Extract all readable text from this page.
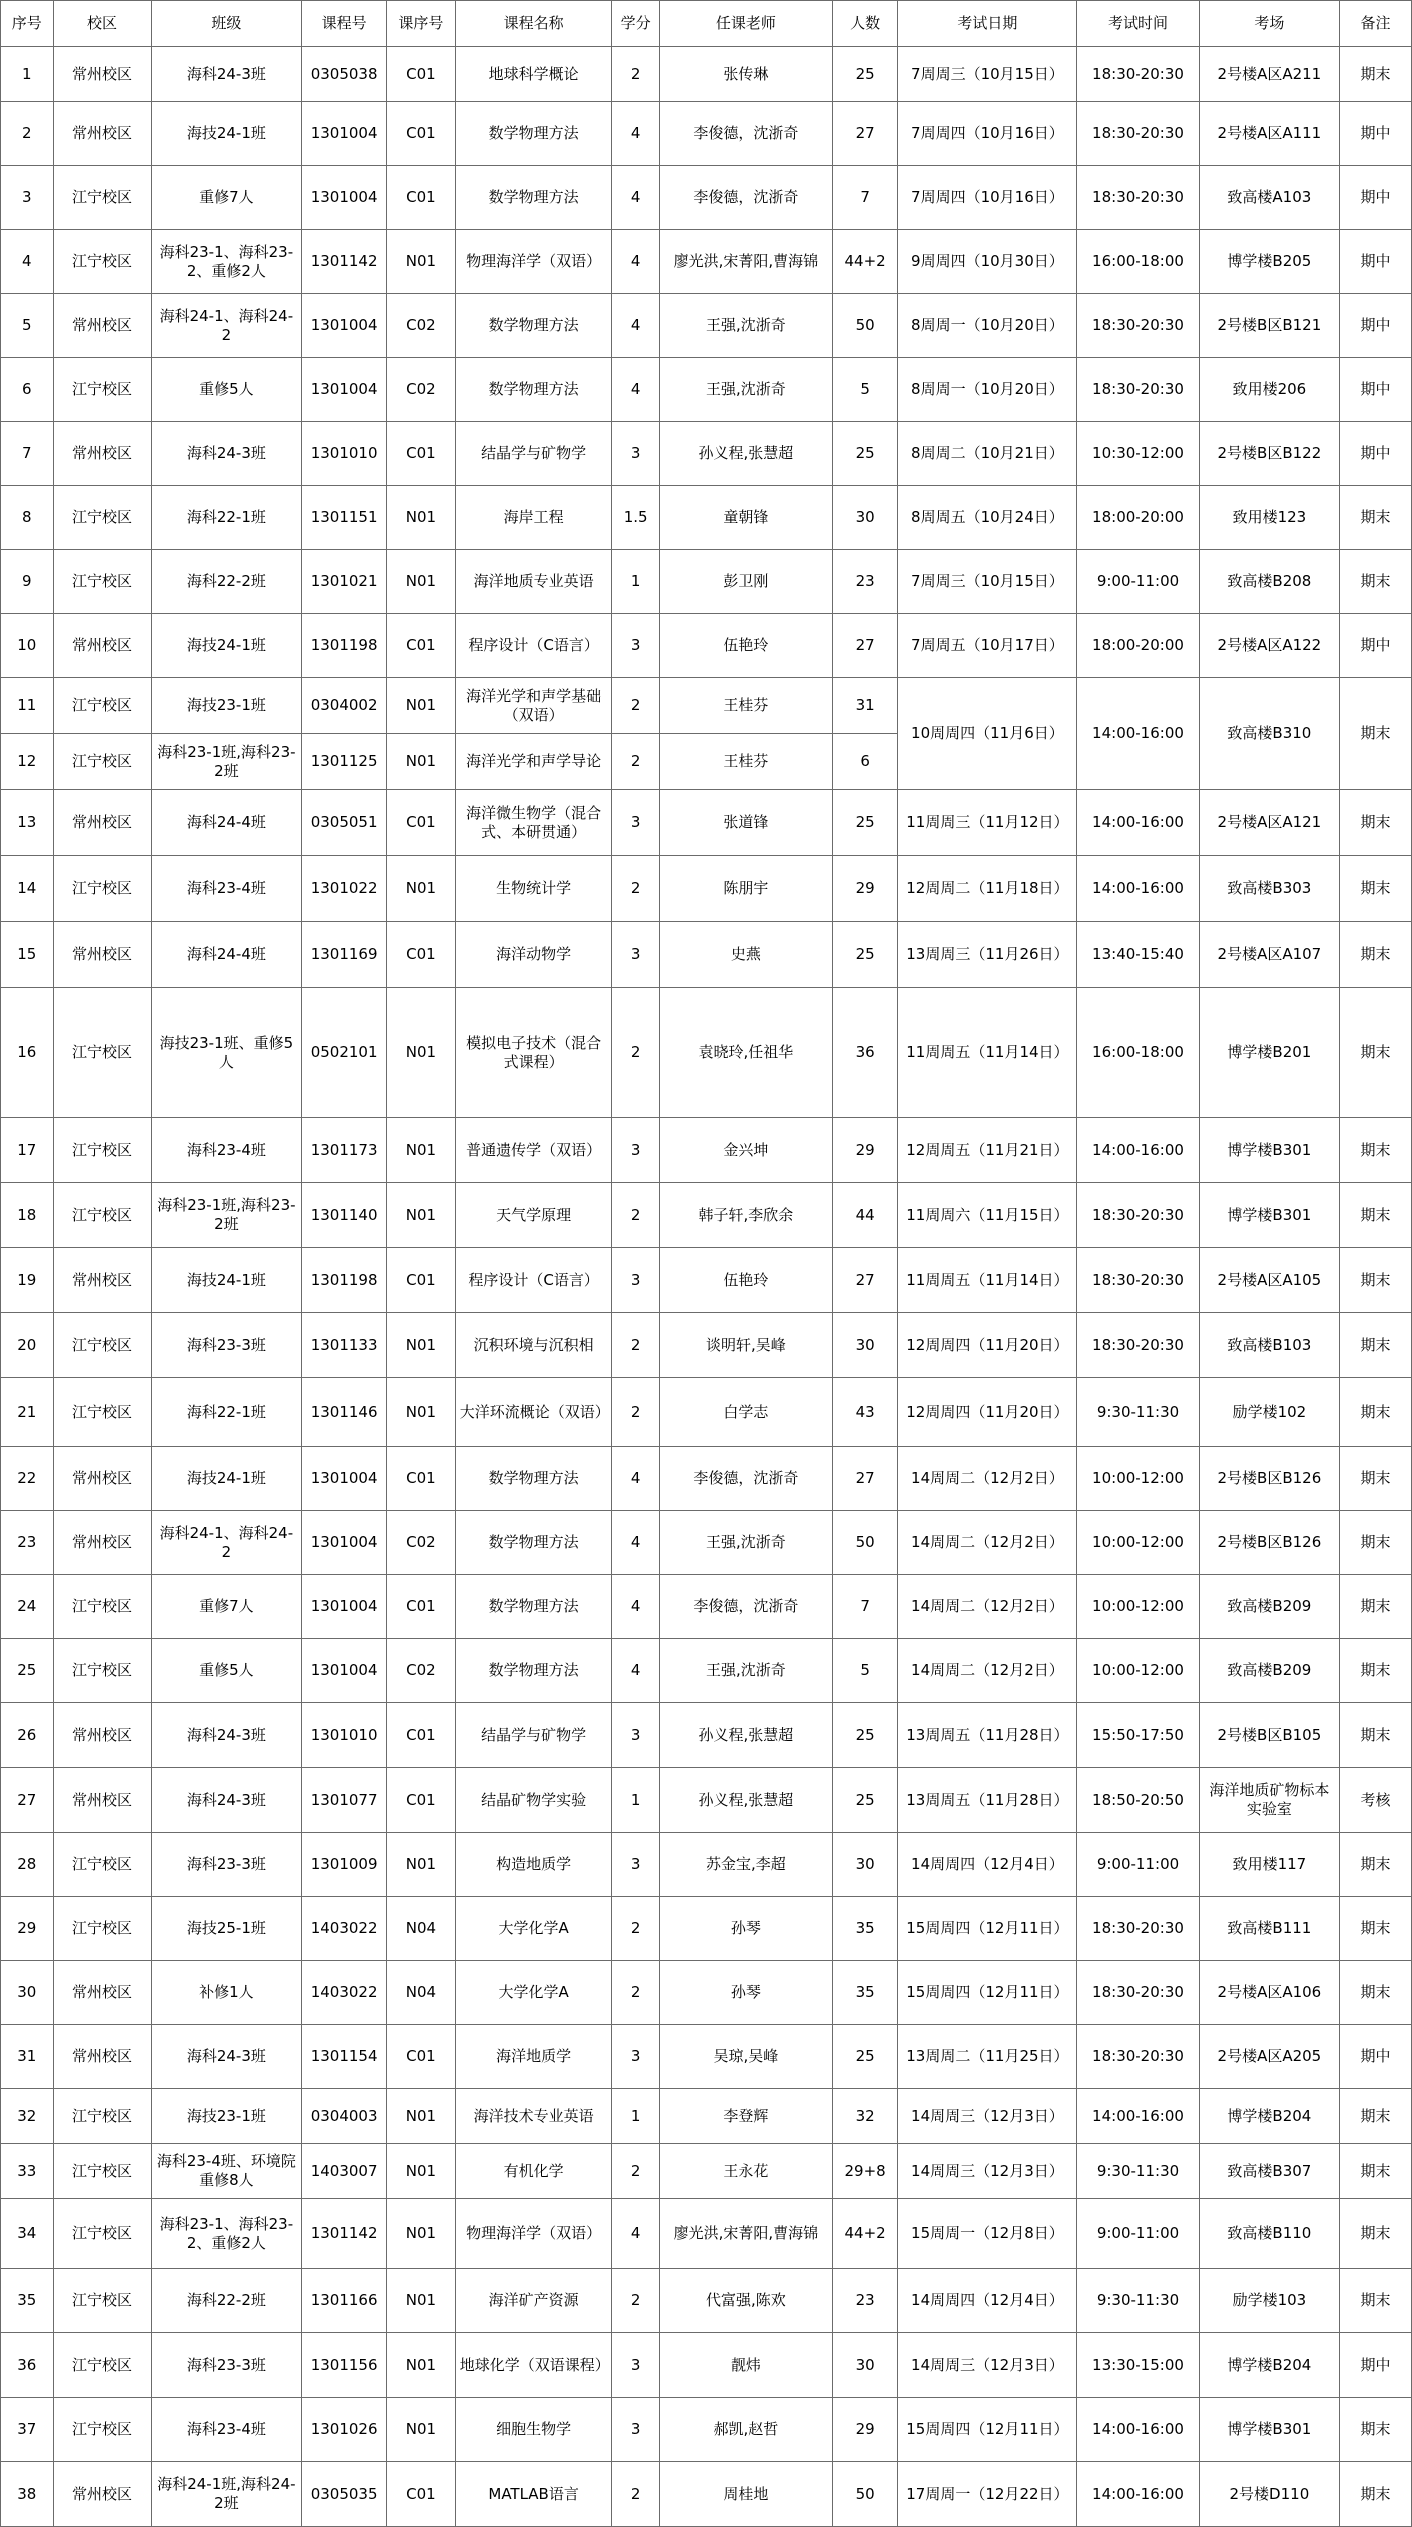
序号	校区	班级	课程号	课序号	课程名称	学分	任课老师	人数	考试日期	考试时间	考场	备注
1	常州校区	海科24-3班	0305038	C01	地球科学概论	2	张传琳	25	7周周三（10月15日）	18:30-20:30	2号楼A区A211	期末
2	常州校区	海技24-1班	1301004	C01	数学物理方法	4	李俊德，沈浙奇	27	7周周四（10月16日）	18:30-20:30	2号楼A区A111	期中
3	江宁校区	重修7人	1301004	C01	数学物理方法	4	李俊德，沈浙奇	7	7周周四（10月16日）	18:30-20:30	致高楼A103	期中
4	江宁校区	海科23-1、海科23-2、重修2人	1301142	N01	物理海洋学（双语）	4	廖光洪,宋菁阳,曹海锦	44+2	9周周四（10月30日）	16:00-18:00	博学楼B205	期中
5	常州校区	海科24-1、海科24-2	1301004	C02	数学物理方法	4	王强,沈浙奇	50	8周周一（10月20日）	18:30-20:30	2号楼B区B121	期中
6	江宁校区	重修5人	1301004	C02	数学物理方法	4	王强,沈浙奇	5	8周周一（10月20日）	18:30-20:30	致用楼206	期中
7	常州校区	海科24-3班	1301010	C01	结晶学与矿物学	3	孙义程,张慧超	25	8周周二（10月21日）	10:30-12:00	2号楼B区B122	期中
8	江宁校区	海科22-1班	1301151	N01	海岸工程	1.5	童朝锋	30	8周周五（10月24日）	18:00-20:00	致用楼123	期末
9	江宁校区	海科22-2班	1301021	N01	海洋地质专业英语	1	彭卫刚	23	7周周三（10月15日）	9:00-11:00	致高楼B208	期末
10	常州校区	海技24-1班	1301198	C01	程序设计（C语言）	3	伍艳玲	27	7周周五（10月17日）	18:00-20:00	2号楼A区A122	期中
11	江宁校区	海技23-1班	0304002	N01	海洋光学和声学基础（双语）	2	王桂芬	31	10周周四（11月6日）	14:00-16:00	致高楼B310	期末
12	江宁校区	海科23-1班,海科23-2班	1301125	N01	海洋光学和声学导论	2	王桂芬	6				
13	常州校区	海科24-4班	0305051	C01	海洋微生物学（混合式、本研贯通）	3	张道锋	25	11周周三（11月12日）	14:00-16:00	2号楼A区A121	期末
14	江宁校区	海科23-4班	1301022	N01	生物统计学	2	陈朋宇	29	12周周二（11月18日）	14:00-16:00	致高楼B303	期末
15	常州校区	海科24-4班	1301169	C01	海洋动物学	3	史燕	25	13周周三（11月26日）	13:40-15:40	2号楼A区A107	期末
16	江宁校区	海技23-1班、重修5人	0502101	N01	模拟电子技术（混合式课程）	2	袁晓玲,任祖华	36	11周周五（11月14日）	16:00-18:00	博学楼B201	期末
17	江宁校区	海科23-4班	1301173	N01	普通遗传学（双语）	3	金兴坤	29	12周周五（11月21日）	14:00-16:00	博学楼B301	期末
18	江宁校区	海科23-1班,海科23-2班	1301140	N01	天气学原理	2	韩子轩,李欣余	44	11周周六（11月15日）	18:30-20:30	博学楼B301	期末
19	常州校区	海技24-1班	1301198	C01	程序设计（C语言）	3	伍艳玲	27	11周周五（11月14日）	18:30-20:30	2号楼A区A105	期末
20	江宁校区	海科23-3班	1301133	N01	沉积环境与沉积相	2	谈明轩,吴峰	30	12周周四（11月20日）	18:30-20:30	致高楼B103	期末
21	江宁校区	海科22-1班	1301146	N01	大洋环流概论（双语）	2	白学志	43	12周周四（11月20日）	9:30-11:30	励学楼102	期末
22	常州校区	海技24-1班	1301004	C01	数学物理方法	4	李俊德，沈浙奇	27	14周周二（12月2日）	10:00-12:00	2号楼B区B126	期末
23	常州校区	海科24-1、海科24-2	1301004	C02	数学物理方法	4	王强,沈浙奇	50	14周周二（12月2日）	10:00-12:00	2号楼B区B126	期末
24	江宁校区	重修7人	1301004	C01	数学物理方法	4	李俊德，沈浙奇	7	14周周二（12月2日）	10:00-12:00	致高楼B209	期末
25	江宁校区	重修5人	1301004	C02	数学物理方法	4	王强,沈浙奇	5	14周周二（12月2日）	10:00-12:00	致高楼B209	期末
26	常州校区	海科24-3班	1301010	C01	结晶学与矿物学	3	孙义程,张慧超	25	13周周五（11月28日）	15:50-17:50	2号楼B区B105	期末
27	常州校区	海科24-3班	1301077	C01	结晶矿物学实验	1	孙义程,张慧超	25	13周周五（11月28日）	18:50-20:50	海洋地质矿物标本实验室	考核
28	江宁校区	海科23-3班	1301009	N01	构造地质学	3	苏金宝,李超	30	14周周四（12月4日）	9:00-11:00	致用楼117	期末
29	江宁校区	海技25-1班	1403022	N04	大学化学A	2	孙琴	35	15周周四（12月11日）	18:30-20:30	致高楼B111	期末
30	常州校区	补修1人	1403022	N04	大学化学A	2	孙琴	35	15周周四（12月11日）	18:30-20:30	2号楼A区A106	期末
31	常州校区	海科24-3班	1301154	C01	海洋地质学	3	吴琼,吴峰	25	13周周二（11月25日）	18:30-20:30	2号楼A区A205	期中
32	江宁校区	海技23-1班	0304003	N01	海洋技术专业英语	1	李登辉	32	14周周三（12月3日）	14:00-16:00	博学楼B204	期末
33	江宁校区	海科23-4班、环境院重修8人	1403007	N01	有机化学	2	王永花	29+8	14周周三（12月3日）	9:30-11:30	致高楼B307	期末
34	江宁校区	海科23-1、海科23-2、重修2人	1301142	N01	物理海洋学（双语）	4	廖光洪,宋菁阳,曹海锦	44+2	15周周一（12月8日）	9:00-11:00	致高楼B110	期末
35	江宁校区	海科22-2班	1301166	N01	海洋矿产资源	2	代富强,陈欢	23	14周周四（12月4日）	9:30-11:30	励学楼103	期末
36	江宁校区	海科23-3班	1301156	N01	地球化学（双语课程）	3	靓炜	30	14周周三（12月3日）	13:30-15:00	博学楼B204	期中
37	江宁校区	海科23-4班	1301026	N01	细胞生物学	3	郝凯,赵哲	29	15周周四（12月11日）	14:00-16:00	博学楼B301	期末
38	常州校区	海科24-1班,海科24-2班	0305035	C01	MATLAB语言	2	周桂地	50	17周周一（12月22日）	14:00-16:00	2号楼D110	期末
